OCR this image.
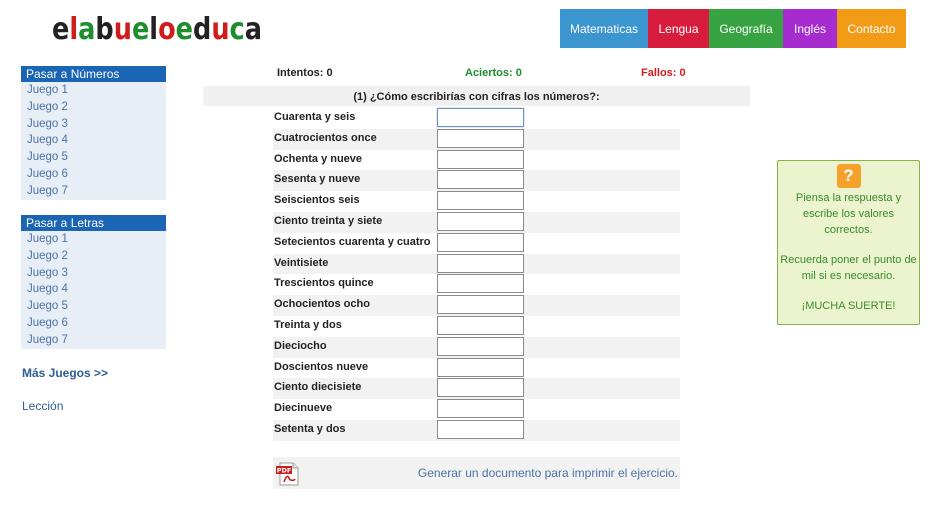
elabueloeduca	Matematicas	Lengua	Geografía	Inglés	Contacto
Pasar a Números
Juego 1
Juego 2
Juego 3
Juego 4
Juego 5
Juego 6
Juego 7
Pasar a Letras
Juego 1
Juego 2
Juego 3
Juego 4
Juego 5
Juego 6
Juego 7
Más Juegos >>
Lección
Intentos: 0	Aciertos: 0	Fallos: 0
(1) ¿Cómo escribirías con cifras los números?:
Cuarenta y seis
Cuatrocientos once
Ochenta y nueve
Sesenta y nueve
Seiscientos seis
Ciento treinta y siete
Setecientos cuarenta y cuatro
Veintisiete
Trescientos quince
Ochocientos ocho
Treinta y dos
Dieciocho
Doscientos nueve
Ciento diecisiete
Diecinueve
Setenta y dos
PDF	Generar un documento para imprimir el ejercicio.
?

Piensa la respuesta y escribe los valores correctos.

Recuerda poner el punto de mil si es necesario.

¡MUCHA SUERTE!
